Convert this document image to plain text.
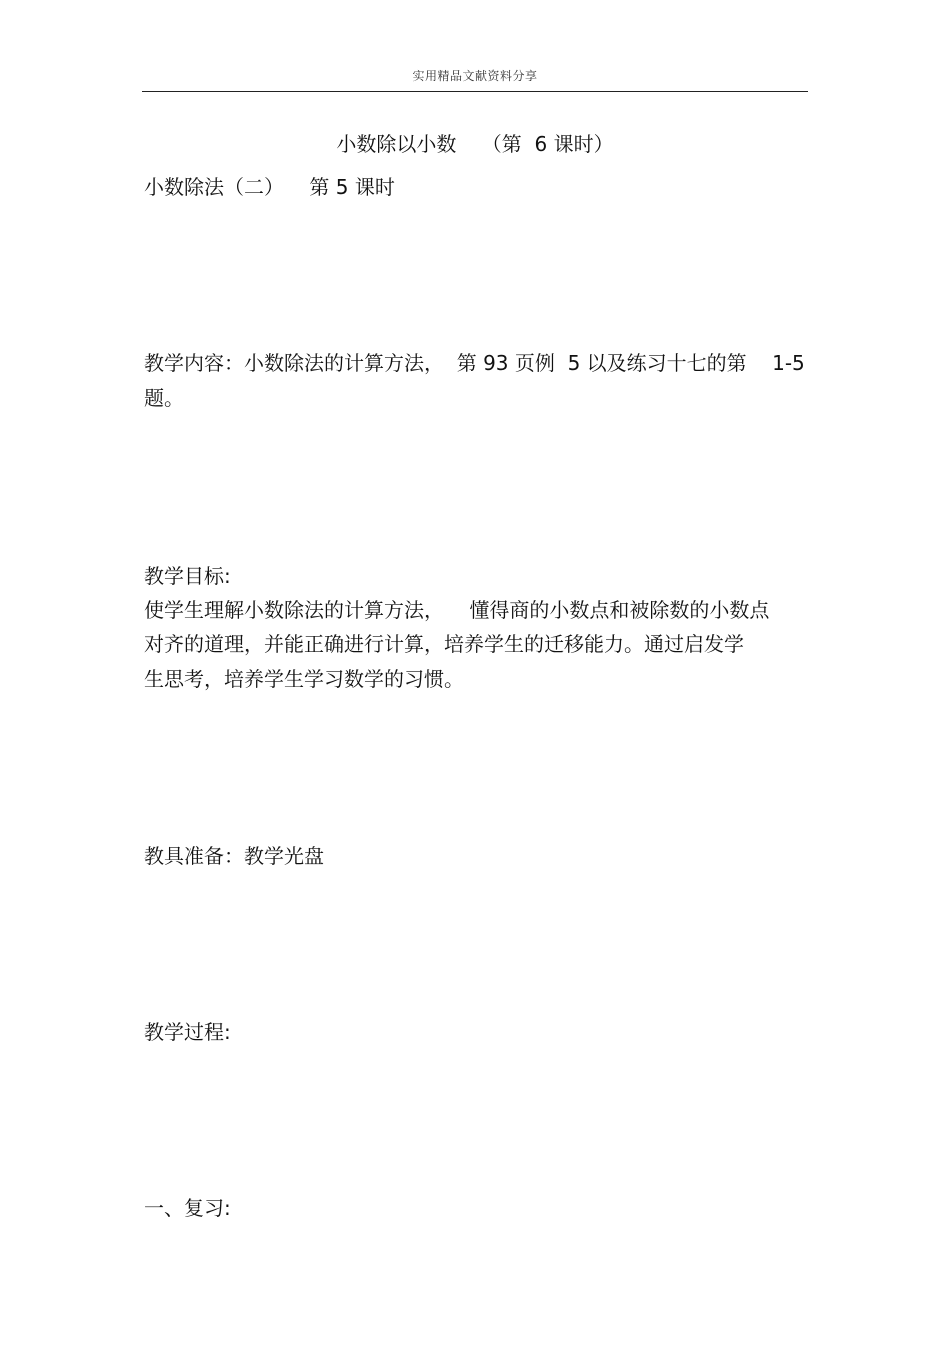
实用精品文献资料分享
小数除以小数    （第  6 课时）
小数除法（二）    第 5 课时
教学内容：小数除法的计算方法，  第 93 页例  5 以及练习十七的第    1-5
题。
教学目标:
使学生理解小数除法的计算方法，    懂得商的小数点和被除数的小数点
对齐的道理，并能正确进行计算，培养学生的迁移能力。通过启发学
生思考，培养学生学习数学的习惯。
教具准备：教学光盘
教学过程:
一、复习:
